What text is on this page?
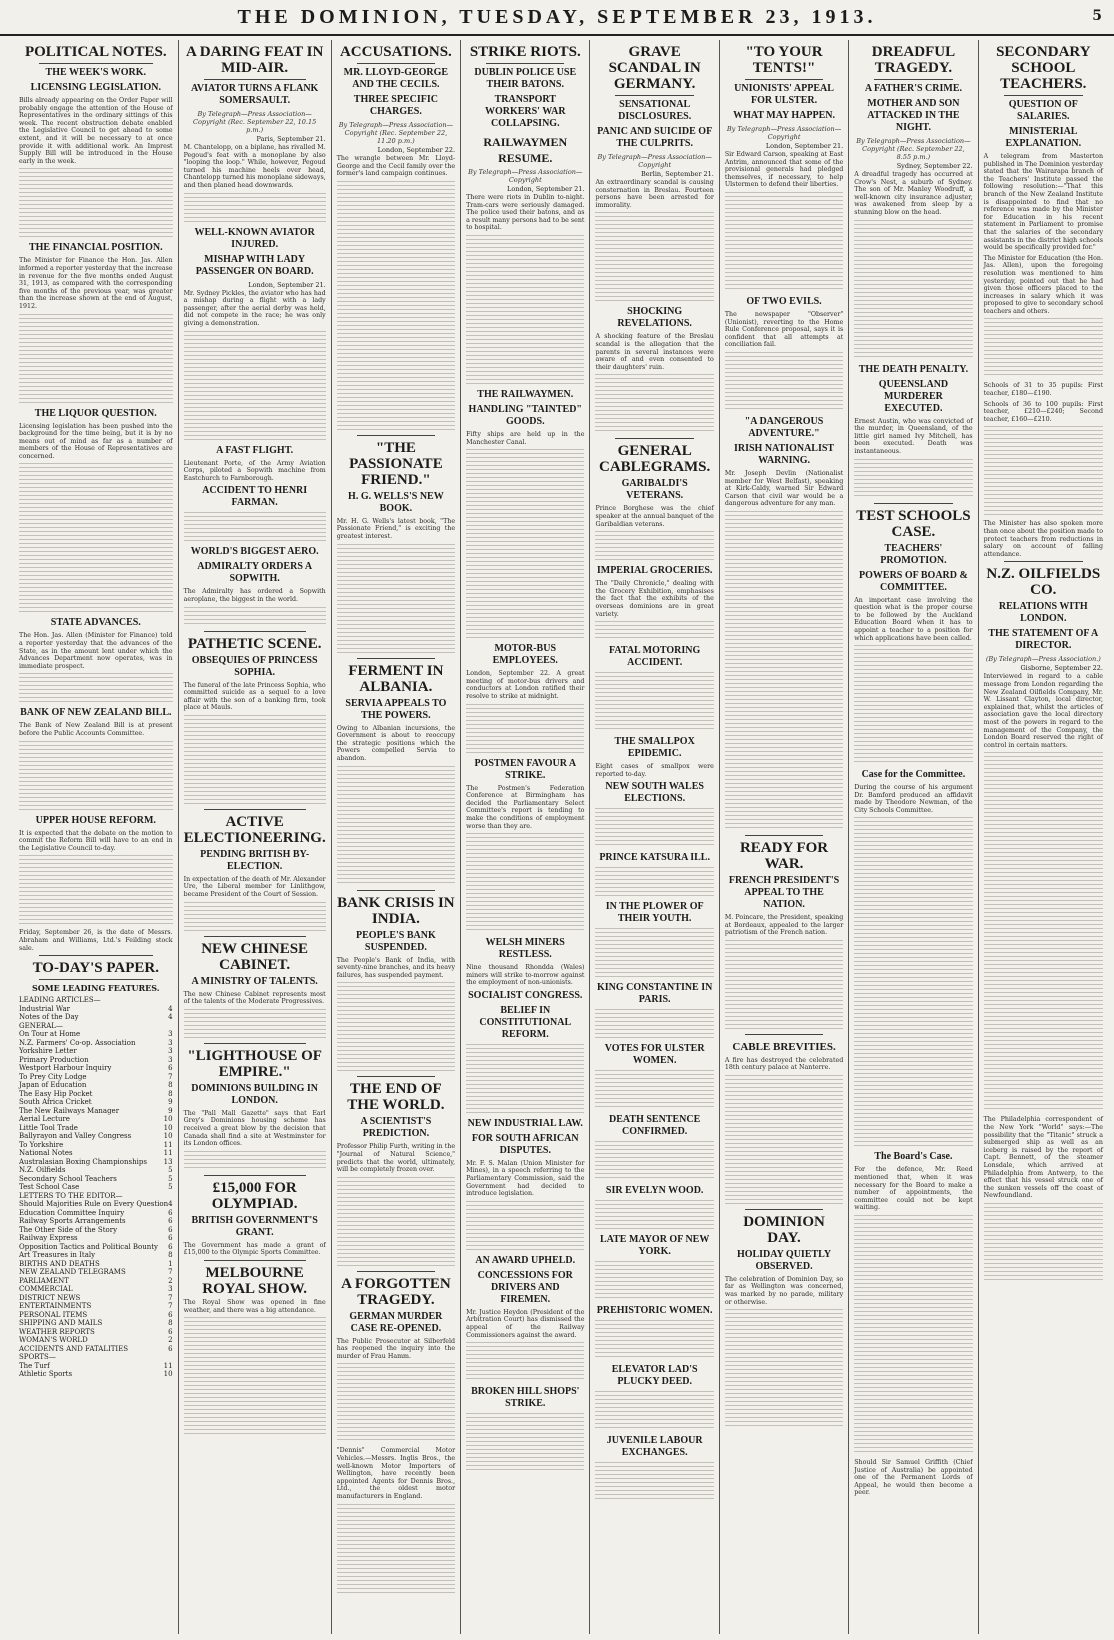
THE DOMINION, TUESDAY, SEPTEMBER 23, 1913.	5
POLITICAL NOTES.
THE WEEK'S WORK.
LICENSING LEGISLATION.
Bills already appearing on the Order Paper will probably engage the attention of the House of Representatives in the ordinary sittings of this week. The recent obstruction debate enabled the Legislative Council to get ahead to some extent, and it will be necessary to at once provide it with additional work. An Imprest Supply Bill will be introduced in the House early in the week.
THE FINANCIAL POSITION.
The Minister for Finance the Hon. Jas. Allen informed a reporter yesterday that the increase in revenue for the five months ended August 31, 1913, as compared with the corresponding five months of the previous year, was greater than the increase shown at the end of August, 1912.
THE LIQUOR QUESTION.
Licensing legislation has been pushed into the background for the time being, but it is by no means out of mind as far as a number of members of the House of Representatives are concerned.
STATE ADVANCES.
The Hon. Jas. Allen (Minister for Finance) told a reporter yesterday that the advances of the State, as in the amount lent under which the Advances Department now operates, was in immediate prospect.
BANK OF NEW ZEALAND BILL.
The Bank of New Zealand Bill is at present before the Public Accounts Committee.
UPPER HOUSE REFORM.
It is expected that the debate on the motion to commit the Reform Bill will have to an end in the Legislative Council to-day.
Friday, September 26, is the date of Messrs. Abraham and Williams, Ltd.'s Feilding stock sale.
TO-DAY'S PAPER.
SOME LEADING FEATURES.
LEADING ARTICLES—
Industrial War	4
Notes of the Day	4
GENERAL—
On Tour at Home	3
N.Z. Farmers' Co-op. Association	3
Yorkshire Letter	3
Primary Production	3
Westport Harbour Inquiry	6
To Prey City Lodge	7
Japan of Education	8
The Easy Hip Pocket	8
South Africa Cricket	9
The New Railways Manager	9
Aerial Lecture	10
Little Tool Trade	10
Ballyrayon and Valley Congress	10
To Yorkshire	11
National Notes	11
Australasian Boxing Championships 13
N.Z. Oilfields	5
Secondary School Teachers	5
Test School Case	5
LETTERS TO THE EDITOR—
Should Majorities Rule on Every Question 4
Education Committee Inquiry	6
Railway Sports Arrangements	6
The Other Side of the Story	6
Railway Express	6
Opposition Tactics and Political Bounty 6
Art Treasures in Italy	8
BIRTHS AND DEATHS	1
NEW ZEALAND TELEGRAMS	7
PARLIAMENT	2
COMMERCIAL	3
DISTRICT NEWS	7
ENTERTAINMENTS	7
PERSONAL ITEMS	6
SHIPPING AND MAILS	8
WEATHER REPORTS	6
WOMAN'S WORLD	2
ACCIDENTS AND FATALITIES	6
SPORTS—
The Turf	11
Athletic Sports	10
A DARING FEAT IN MID-AIR.
AVIATOR TURNS A FLANK SOMERSAULT.
By Telegraph—Press Association—Copyright (Rec. September 22, 10.15 p.m.)
Paris, September 21.
M. Chantelopp, on a biplane, has rivalled M. Pegoud's feat with a monoplane by also "looping the loop." While, however, Pegoud turned his machine heels over head, Chantelopp turned his monoplane sideways, and then planed head downwards.
WELL-KNOWN AVIATOR INJURED.
MISHAP WITH LADY PASSENGER ON BOARD.
London, September 21.
Mr. Sydney Pickles, the aviator who has had a mishap during a flight with a lady passenger, after the aerial derby was held, did not compete in the race; he was only giving a demonstration.
A FAST FLIGHT.
Lieutenant Porte, of the Army Aviation Corps, piloted a Sopwith machine from Eastchurch to Farnborough.
ACCIDENT TO HENRI FARMAN.
WORLD'S BIGGEST AERO.
ADMIRALTY ORDERS A SOPWITH.
The Admiralty has ordered a Sopwith aeroplane, the biggest in the world.
PATHETIC SCENE.
OBSEQUIES OF PRINCESS SOPHIA.
The funeral of the late Princess Sophia, who committed suicide as a sequel to a love affair with the son of a banking firm, took place at Mauls.
ACTIVE ELECTIONEERING.
PENDING BRITISH BY-ELECTION.
In expectation of the death of Mr. Alexander Ure, the Liberal member for Linlithgow, became President of the Court of Session.
NEW CHINESE CABINET.
A MINISTRY OF TALENTS.
The new Chinese Cabinet represents most of the talents of the Moderate Progressives.
"LIGHTHOUSE OF EMPIRE."
DOMINIONS BUILDING IN LONDON.
The "Pall Mall Gazette" says that Earl Grey's Dominions housing scheme has received a great blow by the decision that Canada shall find a site at Westminster for its London offices.
£15,000 FOR OLYMPIAD.
BRITISH GOVERNMENT'S GRANT.
The Government has made a grant of £15,000 to the Olympic Sports Committee.
MELBOURNE ROYAL SHOW.
The Royal Show was opened in fine weather, and there was a big attendance.
ACCUSATIONS.
MR. LLOYD-GEORGE AND THE CECILS.
THREE SPECIFIC CHARGES.
By Telegraph—Press Association—Copyright (Rec. September 22, 11.20 p.m.)
London, September 22.
The wrangle between Mr. Lloyd-George and the Cecil family over the former's land campaign continues.
"THE PASSIONATE FRIEND."
H. G. WELLS'S NEW BOOK.
Mr. H. G. Wells's latest book, "The Passionate Friend," is exciting the greatest interest.
FERMENT IN ALBANIA.
SERVIA APPEALS TO THE POWERS.
Owing to Albanian incursions, the Government is about to reoccupy the strategic positions which the Powers compelled Servia to abandon.
BANK CRISIS IN INDIA.
PEOPLE'S BANK SUSPENDED.
The People's Bank of India, with seventy-nine branches, and its heavy failures, has suspended payment.
THE END OF THE WORLD.
A SCIENTIST'S PREDICTION.
Professor Philip Furth, writing in the "Journal of Natural Science," predicts that the world, ultimately, will be completely frozen over.
A FORGOTTEN TRAGEDY.
GERMAN MURDER CASE RE-OPENED.
The Public Prosecutor at Silberfeld has reopened the inquiry into the murder of Frau Hamm.
"Dennis" Commercial Motor Vehicles.—Messrs. Inglis Bros., the well-known Motor Importers of Wellington, have recently been appointed Agents for Dennis Bros., Ltd., the oldest motor manufacturers in England.
STRIKE RIOTS.
DUBLIN POLICE USE THEIR BATONS.
TRANSPORT WORKERS' WAR COLLAPSING.
RAILWAYMEN RESUME.
By Telegraph—Press Association—Copyright
London, September 21.
There were riots in Dublin to-night. Tram-cars were seriously damaged. The police used their batons, and as a result many persons had to be sent to hospital.
THE RAILWAYMEN.
HANDLING "TAINTED" GOODS.
Fifty ships are held up in the Manchester Canal.
MOTOR-BUS EMPLOYEES.
London, September 22. A great meeting of motor-bus drivers and conductors at London ratified their resolve to strike at midnight.
POSTMEN FAVOUR A STRIKE.
The Postmen's Federation Conference at Birmingham has decided the Parliamentary Select Committee's report is tending to make the conditions of employment worse than they are.
WELSH MINERS RESTLESS.
Nine thousand Rhondda (Wales) miners will strike to-morrow against the employment of non-unionists.
SOCIALIST CONGRESS.
BELIEF IN CONSTITUTIONAL REFORM.
NEW INDUSTRIAL LAW.
FOR SOUTH AFRICAN DISPUTES.
Mr. F. S. Malan (Union Minister for Mines), in a speech referring to the Parliamentary Commission, said the Government had decided to introduce legislation.
AN AWARD UPHELD.
CONCESSIONS FOR DRIVERS AND FIREMEN.
Mr. Justice Heydon (President of the Arbitration Court) has dismissed the appeal of the Railway Commissioners against the award.
BROKEN HILL SHOPS' STRIKE.
GRAVE SCANDAL IN GERMANY.
SENSATIONAL DISCLOSURES.
PANIC AND SUICIDE OF THE CULPRITS.
By Telegraph—Press Association—Copyright
Berlin, September 21.
An extraordinary scandal is causing consternation in Breslau. Fourteen persons have been arrested for immorality.
SHOCKING REVELATIONS.
A shocking feature of the Breslau scandal is the allegation that the parents in several instances were aware of and even consented to their daughters' ruin.
GENERAL CABLEGRAMS.
GARIBALDI'S VETERANS.
Prince Borghese was the chief speaker at the annual banquet of the Garibaldian veterans.
IMPERIAL GROCERIES.
The "Daily Chronicle," dealing with the Grocery Exhibition, emphasises the fact that the exhibits of the overseas dominions are in great variety.
FATAL MOTORING ACCIDENT.
THE SMALLPOX EPIDEMIC.
Eight cases of smallpox were reported to-day.
NEW SOUTH WALES ELECTIONS.
PRINCE KATSURA ILL.
IN THE PLOWER OF THEIR YOUTH.
KING CONSTANTINE IN PARIS.
VOTES FOR ULSTER WOMEN.
DEATH SENTENCE CONFIRMED.
SIR EVELYN WOOD.
LATE MAYOR OF NEW YORK.
PREHISTORIC WOMEN.
ELEVATOR LAD'S PLUCKY DEED.
JUVENILE LABOUR EXCHANGES.
"TO YOUR TENTS!"
UNIONISTS' APPEAL FOR ULSTER.
WHAT MAY HAPPEN.
By Telegraph—Press Association—Copyright
London, September 21.
Sir Edward Carson, speaking at East Antrim, announced that some of the provisional generals had pledged themselves, if necessary, to help Ulstermen to defend their liberties.
OF TWO EVILS.
The newspaper "Observer" (Unionist), reverting to the Home Rule Conference proposal, says it is confident that all attempts at conciliation fail.
"A DANGEROUS ADVENTURE."
IRISH NATIONALIST WARNING.
Mr. Joseph Devlin (Nationalist member for West Belfast), speaking at Kirk-Caldy, warned Sir Edward Carson that civil war would be a dangerous adventure for any man.
READY FOR WAR.
FRENCH PRESIDENT'S APPEAL TO THE NATION.
M. Poincare, the President, speaking at Bordeaux, appealed to the larger patriotism of the French nation.
CABLE BREVITIES.
A fire has destroyed the celebrated 18th century palace at Nanterre.
DOMINION DAY.
HOLIDAY QUIETLY OBSERVED.
The celebration of Dominion Day, so far as Wellington was concerned, was marked by no parade, military or otherwise.
DREADFUL TRAGEDY.
A FATHER'S CRIME.
MOTHER AND SON ATTACKED IN THE NIGHT.
By Telegraph—Press Association—Copyright (Rec. September 22, 8.55 p.m.)
Sydney, September 22.
A dreadful tragedy has occurred at Crow's Nest, a suburb of Sydney. The son of Mr. Manley Woodruff, a well-known city insurance adjuster, was awakened from sleep by a stunning blow on the head.
THE DEATH PENALTY.
QUEENSLAND MURDERER EXECUTED.
Ernest Austin, who was convicted of the murder, in Queensland, of the little girl named Ivy Mitchell, has been executed. Death was instantaneous.
TEST SCHOOLS CASE.
TEACHERS' PROMOTION.
POWERS OF BOARD & COMMITTEE.
An important case involving the question what is the proper course to be followed by the Auckland Education Board when it has to appoint a teacher to a position for which applications have been called.
Case for the Committee.
During the course of his argument Dr. Bamford produced an affidavit made by Theodore Newman, of the City Schools Committee.
The Board's Case.
For the defence, Mr. Reed mentioned that, when it was necessary for the Board to make a number of appointments, the committee could not be kept waiting.
Should Sir Samuel Griffith (Chief Justice of Australia) be appointed one of the Permanent Lords of Appeal, he would then become a peer.
SECONDARY SCHOOL TEACHERS.
QUESTION OF SALARIES.
MINISTERIAL EXPLANATION.
A telegram from Masterton published in The Dominion yesterday stated that the Wairarapa branch of the Teachers' Institute passed the following resolution:—"That this branch of the New Zealand Institute is disappointed to find that no reference was made by the Minister for Education in his recent statement in Parliament to promise that the salaries of the secondary assistants in the district high schools would be specifically provided for."
The Minister for Education (the Hon. Jas. Allen), upon the foregoing resolution was mentioned to him yesterday, pointed out that he had given those officers placed to the increases in salary which it was proposed to give to secondary school teachers and others.
Schools of 31 to 35 pupils: First teacher, £180—£190.
Schools of 36 to 100 pupils: First teacher, £210—£240; Second teacher, £160—£210.
The Minister has also spoken more than once about the position made to protect teachers from reductions in salary on account of falling attendance.
N.Z. OILFIELDS CO.
RELATIONS WITH LONDON.
THE STATEMENT OF A DIRECTOR.
(By Telegraph—Press Association.)
Gisborne, September 22.
Interviewed in regard to a cable message from London regarding the New Zealand Oilfields Company, Mr. W. Lissant Clayton, local director, explained that, whilst the articles of association gave the local directory most of the powers in regard to the management of the Company, the London Board reserved the right of control in certain matters.
The Philadelphia correspondent of the New York "World" says:—The possibility that the "Titanic" struck a submerged ship as well as an iceberg is raised by the report of Capt. Bennett, of the steamer Lonsdale, which arrived at Philadelphia from Antwerp, to the effect that his vessel struck one of the sunken vessels off the coast of Newfoundland.
